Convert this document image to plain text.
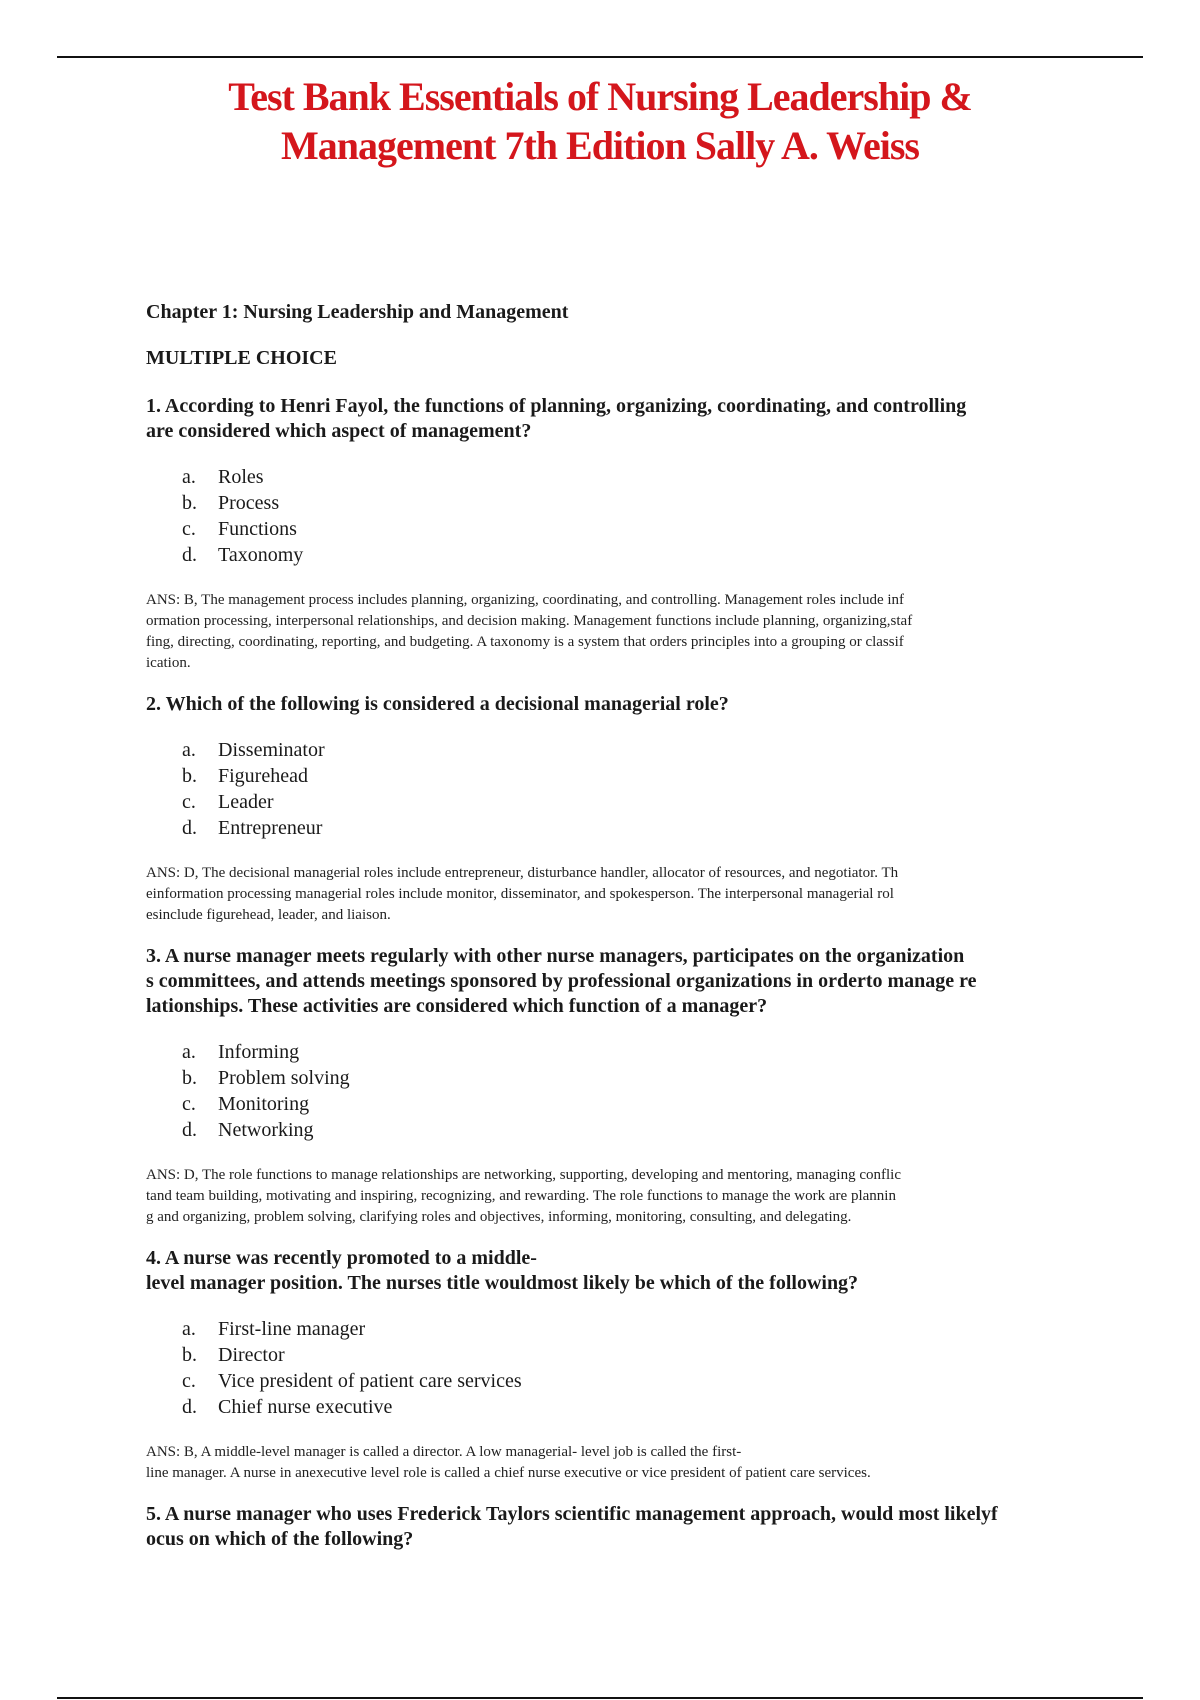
Test Bank Essentials of Nursing Leadership &
Management 7th Edition Sally A. Weiss
Chapter 1: Nursing Leadership and Management
MULTIPLE CHOICE
1. According to Henri Fayol, the functions of planning, organizing, coordinating, and controlling
are considered which aspect of management?
a.	Roles
b.	Process
c.	Functions
d.	Taxonomy
ANS: B, The management process includes planning, organizing, coordinating, and controlling. Management roles include inf
ormation processing, interpersonal relationships, and decision making. Management functions include planning, organizing,staf
fing, directing, coordinating, reporting, and budgeting. A taxonomy is a system that orders principles into a grouping or classif
ication.
2. Which of the following is considered a decisional managerial role?
a.	Disseminator
b.	Figurehead
c.	Leader
d.	Entrepreneur
ANS: D, The decisional managerial roles include entrepreneur, disturbance handler, allocator of resources, and negotiator. Th
einformation processing managerial roles include monitor, disseminator, and spokesperson. The interpersonal managerial rol
esinclude figurehead, leader, and liaison.
3. A nurse manager meets regularly with other nurse managers, participates on the organization
s committees, and attends meetings sponsored by professional organizations in orderto manage re
lationships. These activities are considered which function of a manager?
a.	Informing
b.	Problem solving
c.	Monitoring
d.	Networking
ANS: D, The role functions to manage relationships are networking, supporting, developing and mentoring, managing conflic
tand team building, motivating and inspiring, recognizing, and rewarding. The role functions to manage the work are plannin
g and organizing, problem solving, clarifying roles and objectives, informing, monitoring, consulting, and delegating.
4. A nurse was recently promoted to a middle-
level manager position. The nurses title wouldmost likely be which of the following?
a.	First-line manager
b.	Director
c.	Vice president of patient care services
d.	Chief nurse executive
ANS: B, A middle-level manager is called a director. A low managerial- level job is called the first-
line manager. A nurse in anexecutive level role is called a chief nurse executive or vice president of patient care services.
5. A nurse manager who uses Frederick Taylors scientific management approach, would most likelyf
ocus on which of the following?
